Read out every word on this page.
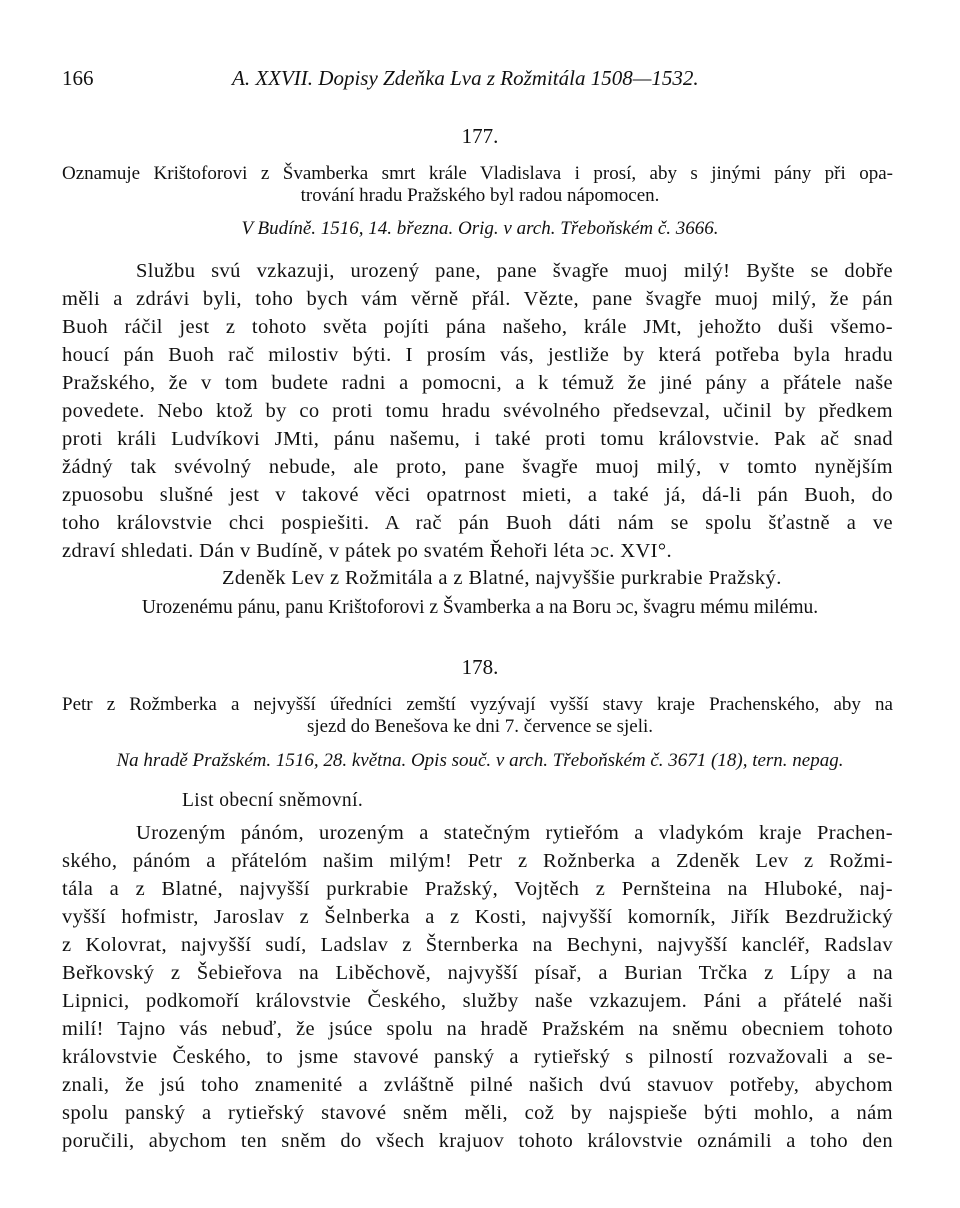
166	A. XXVII. Dopisy Zdeňka Lva z Rožmitála 1508—1532.
177.
Oznamuje Krištoforovi z Švamberka smrt krále Vladislava i prosí, aby s jinými pány při opa-
trování hradu Pražského byl radou nápomocen.
V Budíně. 1516, 14. března. Orig. v arch. Třeboňském č. 3666.
Službu svú vzkazuji, urozený pane, pane švagře muoj milý! Byšte se dobře
měli a zdrávi byli, toho bych vám věrně přál. Vězte, pane švagře muoj milý, že pán
Buoh ráčil jest z tohoto světa pojíti pána našeho, krále JMt, jehožto duši všemo-
houcí pán Buoh rač milostiv býti. I prosím vás, jestliže by která potřeba byla hradu
Pražského, že v tom budete radni a pomocni, a k témuž že jiné pány a přátele naše
povedete. Nebo ktož by co proti tomu hradu svévolného předsevzal, učinil by předkem
proti králi Ludvíkovi JMti, pánu našemu, i také proti tomu královstvie. Pak ač snad
žádný tak svévolný nebude, ale proto, pane švagře muoj milý, v tomto nynějším
zpuosobu slušné jest v takové věci opatrnost mieti, a také já, dá-li pán Buoh, do
toho královstvie chci pospiešiti. A rač pán Buoh dáti nám se spolu šťastně a ve
zdraví shledati. Dán v Budíně, v pátek po svatém Řehoři léta ɔc. XVI°.
Zdeněk Lev z Rožmitála a z Blatné, najvyššie purkrabie Pražský.
Urozenému pánu, panu Krištoforovi z Švamberka a na Boru ɔc, švagru mému milému.
178.
Petr z Rožmberka a nejvyšší úředníci zemští vyzývají vyšší stavy kraje Prachenského, aby na
sjezd do Benešova ke dni 7. července se sjeli.
Na hradě Pražském. 1516, 28. května. Opis souč. v arch. Třeboňském č. 3671 (18), tern. nepag.
List obecní sněmovní.
Urozeným pánóm, urozeným a statečným rytieřóm a vladykóm kraje Prachen-
ského, pánóm a přátelóm našim milým! Petr z Rožnberka a Zdeněk Lev z Rožmi-
tála a z Blatné, najvyšší purkrabie Pražský, Vojtěch z Pernšteina na Hluboké, naj-
vyšší hofmistr, Jaroslav z Šelnberka a z Kosti, najvyšší komorník, Jiřík Bezdružický
z Kolovrat, najvyšší sudí, Ladslav z Šternberka na Bechyni, najvyšší kancléř, Radslav
Beřkovský z Šebieřova na Liběchově, najvyšší písař, a Burian Trčka z Lípy a na
Lipnici, podkomoří královstvie Českého, služby naše vzkazujem. Páni a přátelé naši
milí! Tajno vás nebuď, že jsúce spolu na hradě Pražském na sněmu obecniem tohoto
královstvie Českého, to jsme stavové panský a rytieřský s pilností rozvažovali a se-
znali, že jsú toho znamenité a zvláštně pilné našich dvú stavuov potřeby, abychom
spolu panský a rytieřský stavové sněm měli, což by najspiešе býti mohlo, a nám
poručili, abychom ten sněm do všech krajuov tohoto královstvie oznámili a toho den
